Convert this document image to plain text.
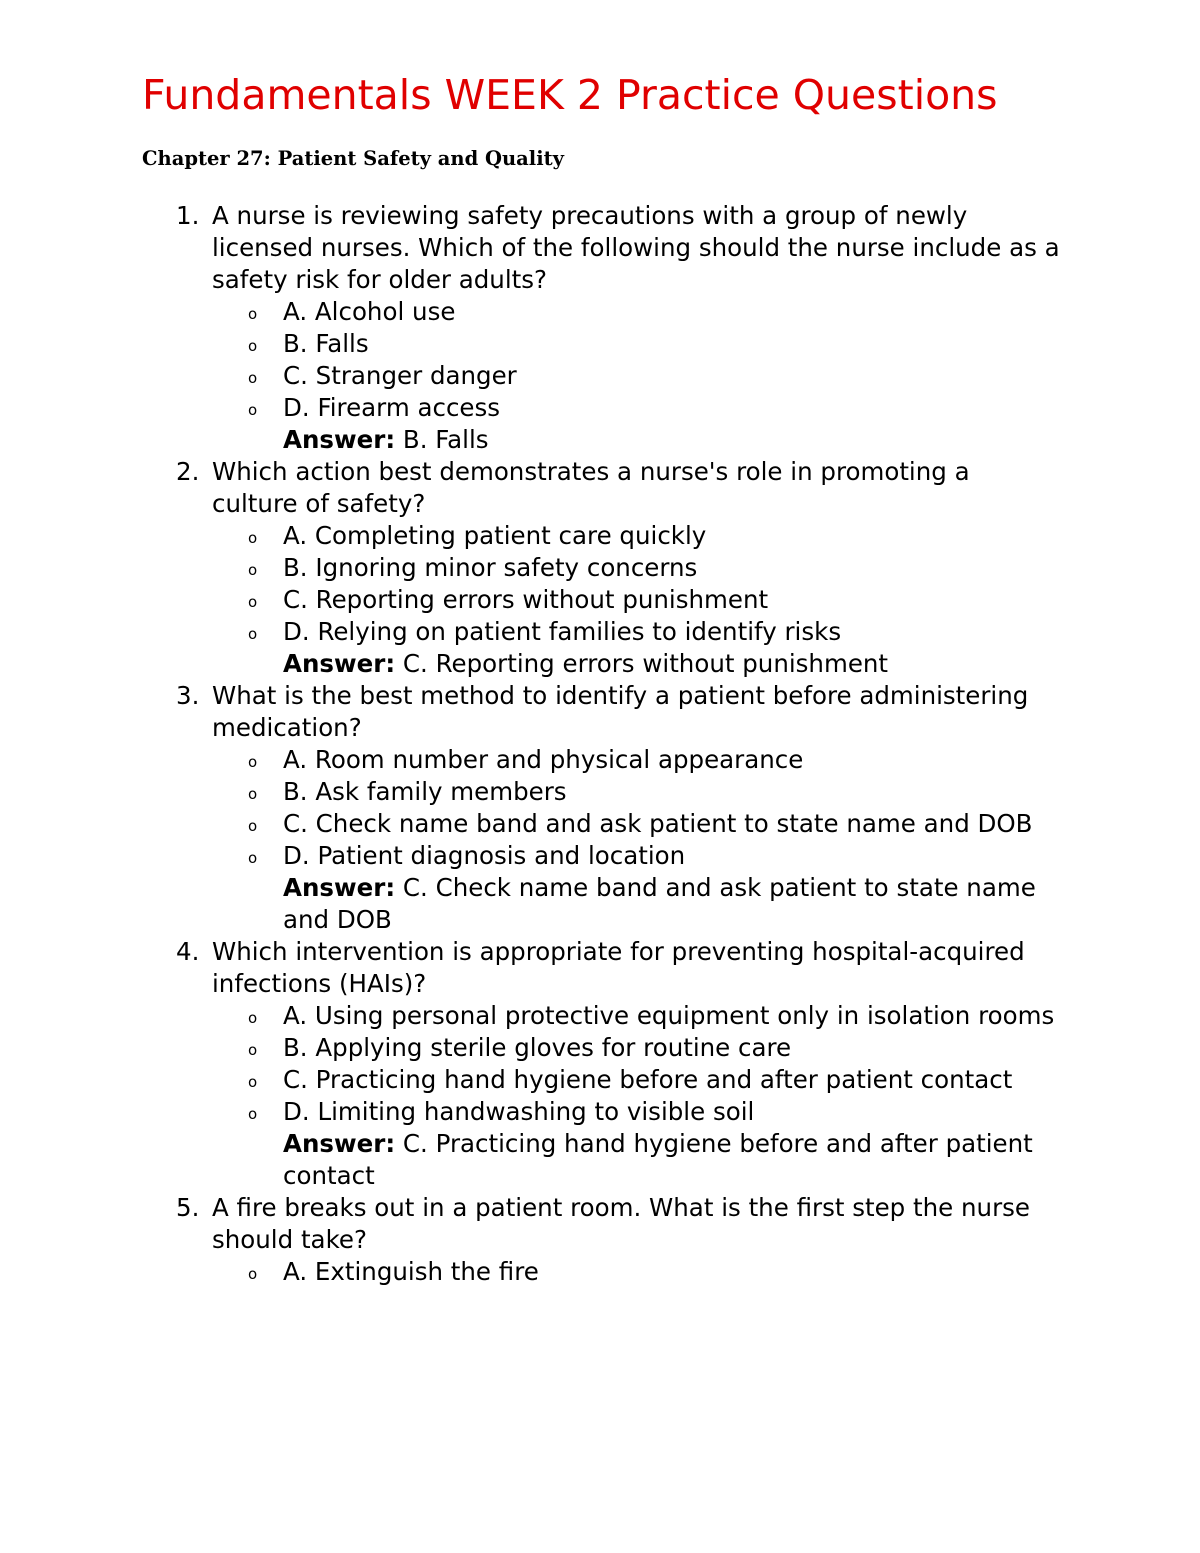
Fundamentals WEEK 2 Practice Questions
Chapter 27: Patient Safety and Quality
1. A nurse is reviewing safety precautions with a group of newly licensed nurses. Which of the following should the nurse include as a safety risk for older adults?
o A. Alcohol use
o B. Falls
o C. Stranger danger
o D. Firearm access
Answer: B. Falls
2. Which action best demonstrates a nurse's role in promoting a culture of safety?
o A. Completing patient care quickly
o B. Ignoring minor safety concerns
o C. Reporting errors without punishment
o D. Relying on patient families to identify risks
Answer: C. Reporting errors without punishment
3. What is the best method to identify a patient before administering medication?
o A. Room number and physical appearance
o B. Ask family members
o C. Check name band and ask patient to state name and DOB
o D. Patient diagnosis and location
Answer: C. Check name band and ask patient to state name and DOB
4. Which intervention is appropriate for preventing hospital-acquired infections (HAIs)?
o A. Using personal protective equipment only in isolation rooms
o B. Applying sterile gloves for routine care
o C. Practicing hand hygiene before and after patient contact
o D. Limiting handwashing to visible soil
Answer: C. Practicing hand hygiene before and after patient contact
5. A fire breaks out in a patient room. What is the first step the nurse should take?
o A. Extinguish the fire
